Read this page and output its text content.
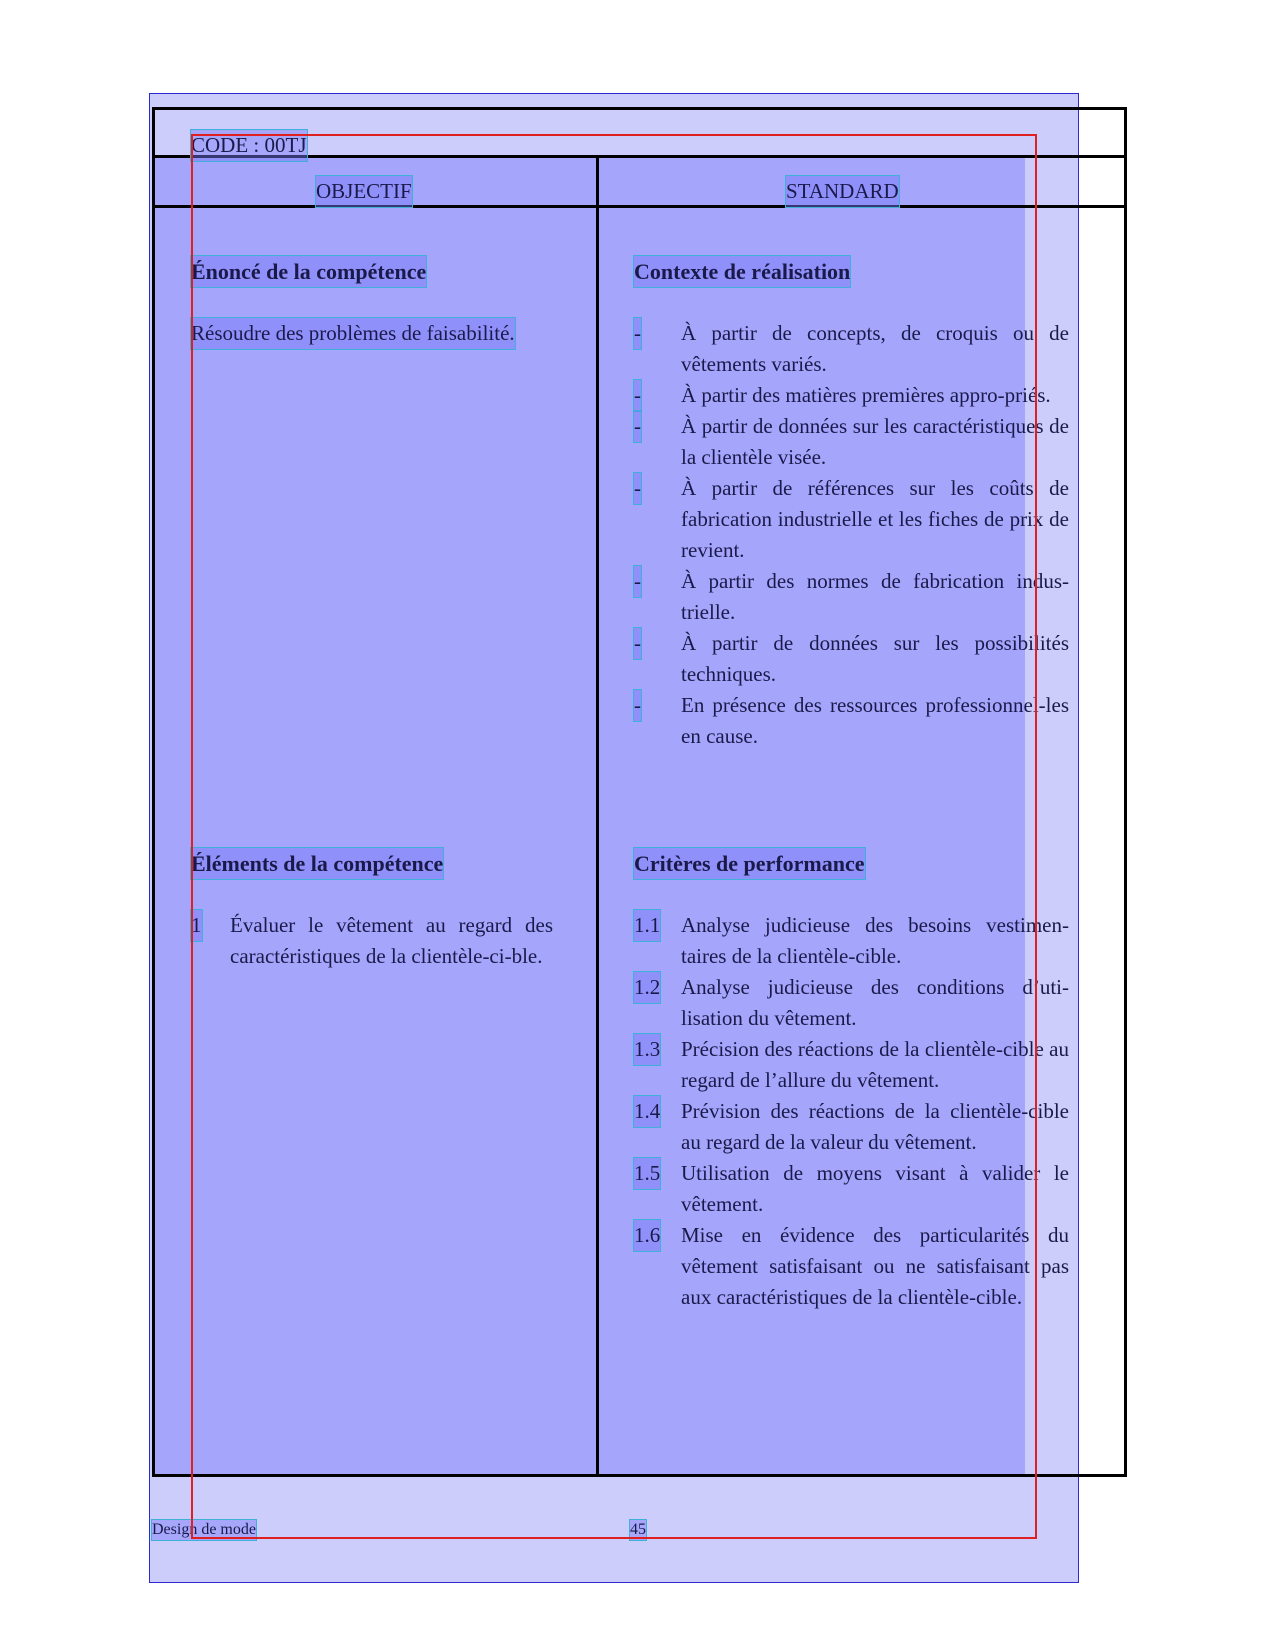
CODE : 00TJ
OBJECTIF	STANDARD
Énoncé de la compétence
Résoudre des problèmes de faisabilité.
Contexte de réalisation
- À partir de concepts, de croquis ou de vêtements variés.
- À partir des matières premières appro-priés.
- À partir de données sur les caractéristiques de la clientèle visée.
- À partir de références sur les coûts de fabrication industrielle et les fiches de prix de revient.
- À partir des normes de fabrication indus-trielle.
- À partir de données sur les possibilités techniques.
- En présence des ressources professionnel-les en cause.
Éléments de la compétence
1 Évaluer le vêtement au regard des caractéristiques de la clientèle-ci-ble.
Critères de performance
1.1 Analyse judicieuse des besoins vestimen-taires de la clientèle-cible.
1.2 Analyse judicieuse des conditions d’uti-lisation du vêtement.
1.3 Précision des réactions de la clientèle-cible au regard de l’allure du vêtement.
1.4 Prévision des réactions de la clientèle-cible au regard de la valeur du vêtement.
1.5 Utilisation de moyens visant à valider le vêtement.
1.6 Mise en évidence des particularités du vêtement satisfaisant ou ne satisfaisant pas aux caractéristiques de la clientèle-cible.
Design de mode	45
